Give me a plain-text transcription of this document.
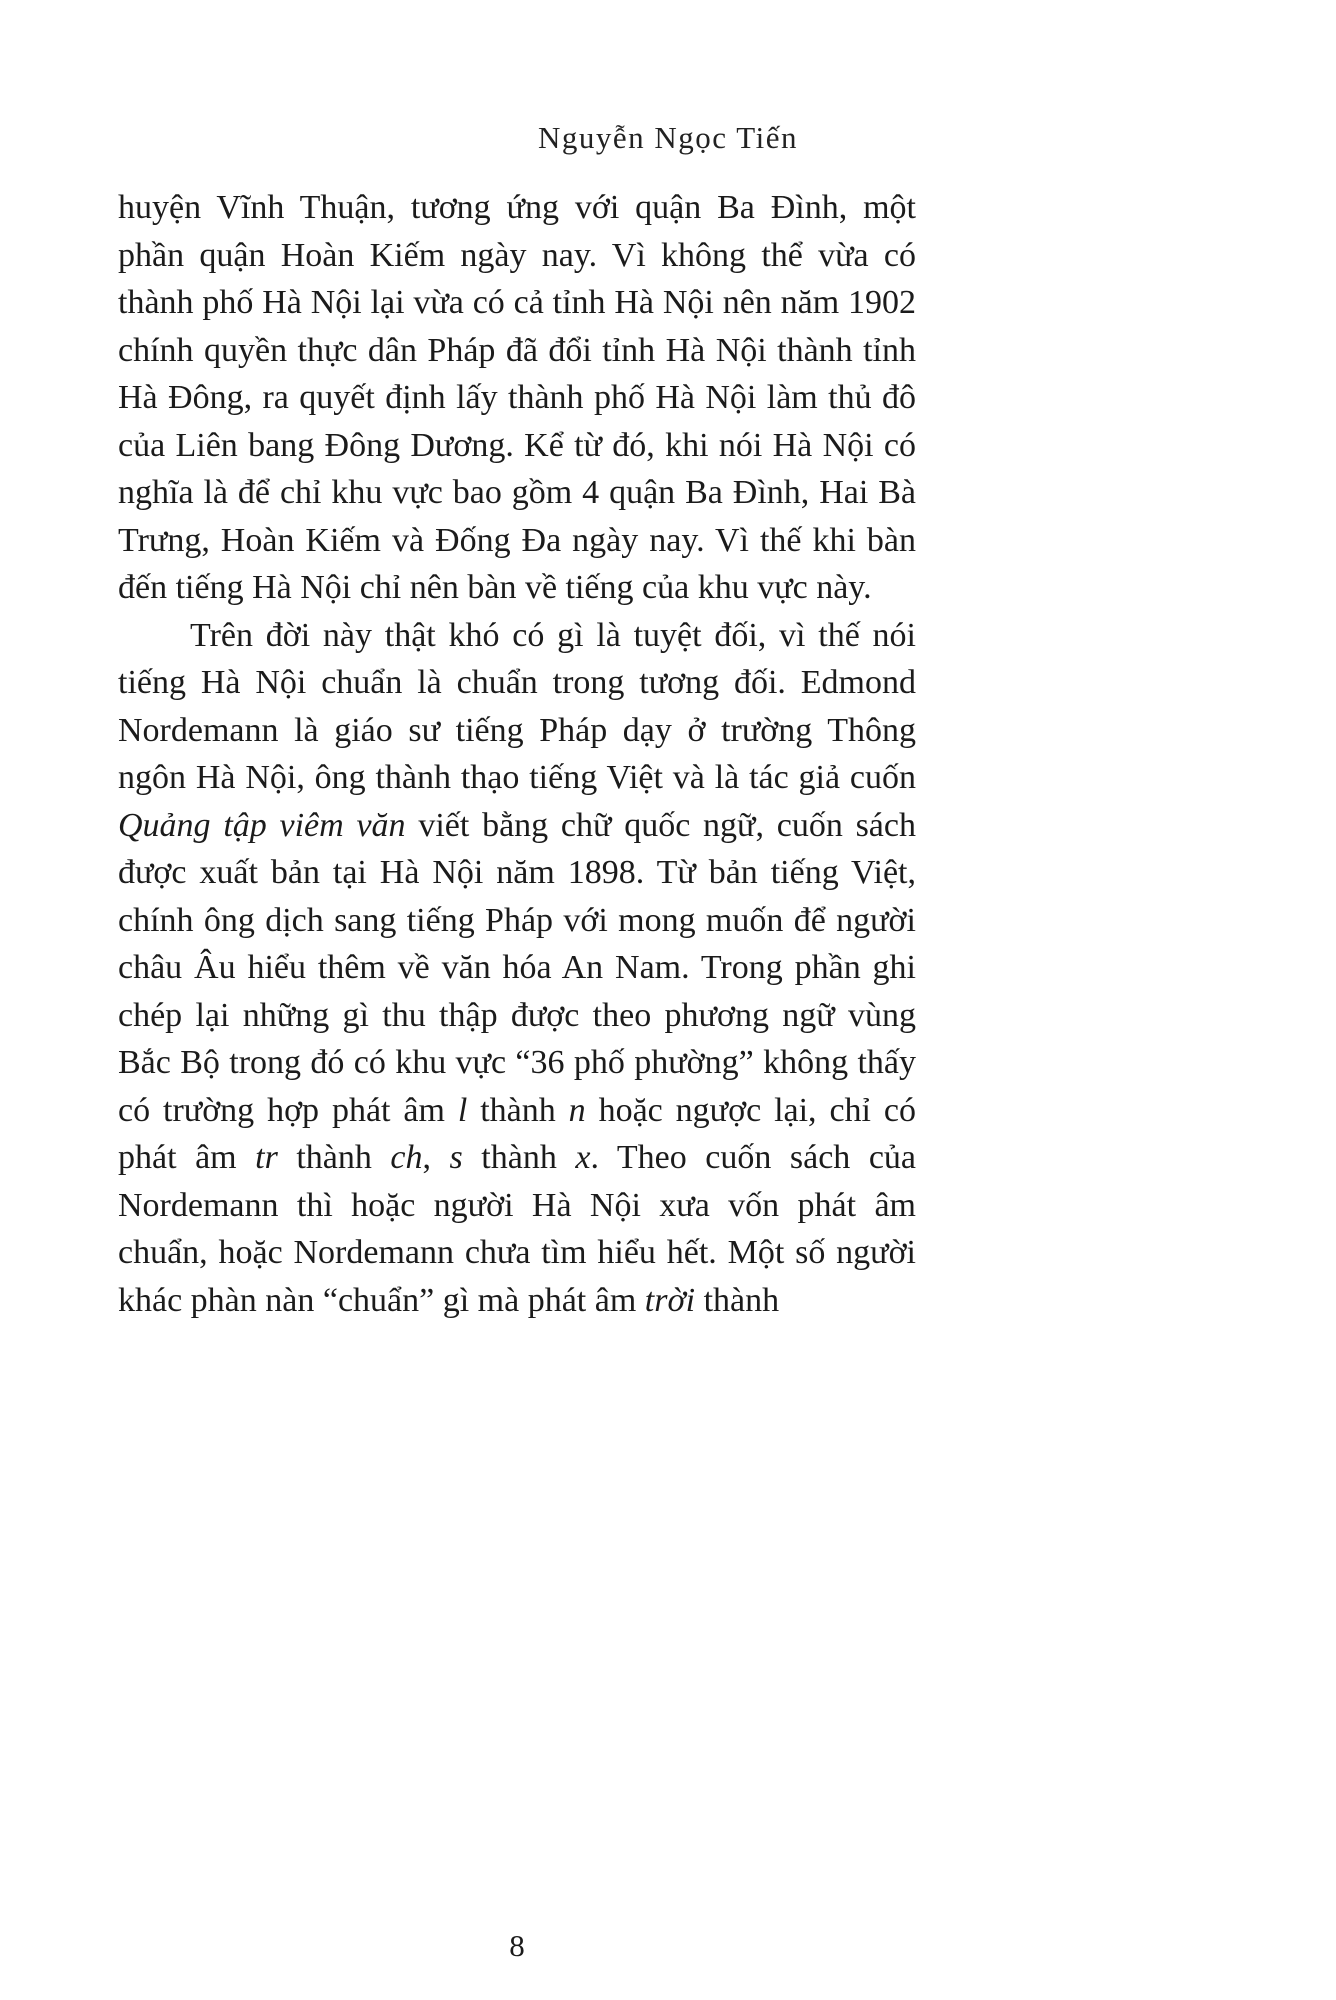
Nguyễn Ngọc Tiến

huyện Vĩnh Thuận, tương ứng với quận Ba Đình, một phần quận Hoàn Kiếm ngày nay. Vì không thể vừa có thành phố Hà Nội lại vừa có cả tỉnh Hà Nội nên năm 1902 chính quyền thực dân Pháp đã đổi tỉnh Hà Nội thành tỉnh Hà Đông, ra quyết định lấy thành phố Hà Nội làm thủ đô của Liên bang Đông Dương. Kể từ đó, khi nói Hà Nội có nghĩa là để chỉ khu vực bao gồm 4 quận Ba Đình, Hai Bà Trưng, Hoàn Kiếm và Đống Đa ngày nay. Vì thế khi bàn đến tiếng Hà Nội chỉ nên bàn về tiếng của khu vực này.

Trên đời này thật khó có gì là tuyệt đối, vì thế nói tiếng Hà Nội chuẩn là chuẩn trong tương đối. Edmond Nordemann là giáo sư tiếng Pháp dạy ở trường Thông ngôn Hà Nội, ông thành thạo tiếng Việt và là tác giả cuốn Quảng tập viêm văn viết bằng chữ quốc ngữ, cuốn sách được xuất bản tại Hà Nội năm 1898. Từ bản tiếng Việt, chính ông dịch sang tiếng Pháp với mong muốn để người châu Âu hiểu thêm về văn hóa An Nam. Trong phần ghi chép lại những gì thu thập được theo phương ngữ vùng Bắc Bộ trong đó có khu vực “36 phố phường” không thấy có trường hợp phát âm l thành n hoặc ngược lại, chỉ có phát âm tr thành ch, s thành x. Theo cuốn sách của Nordemann thì hoặc người Hà Nội xưa vốn phát âm chuẩn, hoặc Nordemann chưa tìm hiểu hết. Một số người khác phàn nàn “chuẩn” gì mà phát âm trời thành

8
